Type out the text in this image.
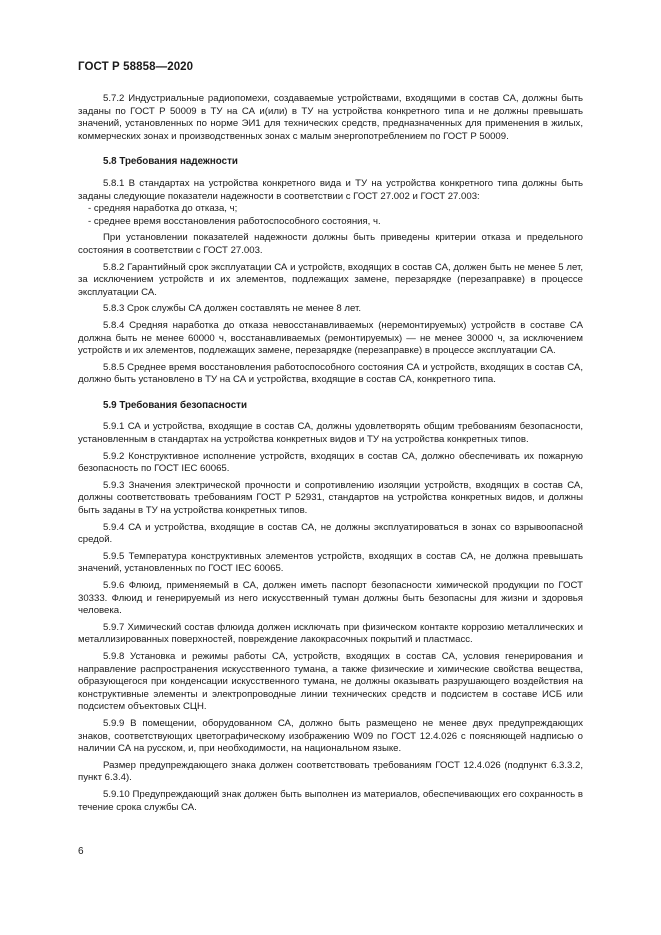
ГОСТ Р 58858—2020

5.7.2 Индустриальные радиопомехи, создаваемые устройствами, входящими в состав СА, должны быть заданы по ГОСТ Р 50009 в ТУ на СА и(или) в ТУ на устройства конкретного типа и не должны превышать значений, установленных по норме ЭИ1 для технических средств, предназначенных для применения в жилых, коммерческих зонах и производственных зонах с малым энергопотреблением по ГОСТ Р 50009.

5.8 Требования надежности

5.8.1 В стандартах на устройства конкретного вида и ТУ на устройства конкретного типа должны быть заданы следующие показатели надежности в соответствии с ГОСТ 27.002 и ГОСТ 27.003:

- средняя наработка до отказа, ч;

- среднее время восстановления работоспособного состояния, ч.

При установлении показателей надежности должны быть приведены критерии отказа и предельного состояния в соответствии с ГОСТ 27.003.

5.8.2 Гарантийный срок эксплуатации СА и устройств, входящих в состав СА, должен быть не менее 5 лет, за исключением устройств и их элементов, подлежащих замене, перезарядке (перезаправке) в процессе эксплуатации СА.

5.8.3 Срок службы СА должен составлять не менее 8 лет.

5.8.4 Средняя наработка до отказа невосстанавливаемых (неремонтируемых) устройств в составе СА должна быть не менее 60000 ч, восстанавливаемых (ремонтируемых) — не менее 30000 ч, за исключением устройств и их элементов, подлежащих замене, перезарядке (перезаправке) в процессе эксплуатации СА.

5.8.5 Среднее время восстановления работоспособного состояния СА и устройств, входящих в состав СА, должно быть установлено в ТУ на СА и устройства, входящие в состав СА, конкретного типа.

5.9 Требования безопасности

5.9.1 СА и устройства, входящие в состав СА, должны удовлетворять общим требованиям безопасности, установленным в стандартах на устройства конкретных видов и ТУ на устройства конкретных типов.

5.9.2 Конструктивное исполнение устройств, входящих в состав СА, должно обеспечивать их пожарную безопасность по ГОСТ IEC 60065.

5.9.3 Значения электрической прочности и сопротивлению изоляции устройств, входящих в состав СА, должны соответствовать требованиям ГОСТ Р 52931, стандартов на устройства конкретных видов, и должны быть заданы в ТУ на устройства конкретных типов.

5.9.4 СА и устройства, входящие в состав СА, не должны эксплуатироваться в зонах со взрывоопасной средой.

5.9.5 Температура конструктивных элементов устройств, входящих в состав СА, не должна превышать значений, установленных по ГОСТ IEC 60065.

5.9.6 Флюид, применяемый в СА, должен иметь паспорт безопасности химической продукции по ГОСТ 30333. Флюид и генерируемый из него искусственный туман должны быть безопасны для жизни и здоровья человека.

5.9.7 Химический состав флюида должен исключать при физическом контакте коррозию металлических и металлизированных поверхностей, повреждение лакокрасочных покрытий и пластмасс.

5.9.8 Установка и режимы работы СА, устройств, входящих в состав СА, условия генерирования и направление распространения искусственного тумана, а также физические и химические свойства вещества, образующегося при конденсации искусственного тумана, не должны оказывать разрушающего воздействия на конструктивные элементы и электропроводные линии технических средств и подсистем в составе ИСБ или подсистем объектовых СЦН.

5.9.9 В помещении, оборудованном СА, должно быть размещено не менее двух предупреждающих знаков, соответствующих цветографическому изображению W09 по ГОСТ 12.4.026 с поясняющей надписью о наличии СА на русском, и, при необходимости, на национальном языке.

Размер предупреждающего знака должен соответствовать требованиям ГОСТ 12.4.026 (подпункт 6.3.3.2, пункт 6.3.4).

5.9.10 Предупреждающий знак должен быть выполнен из материалов, обеспечивающих его сохранность в течение срока службы СА.

6
